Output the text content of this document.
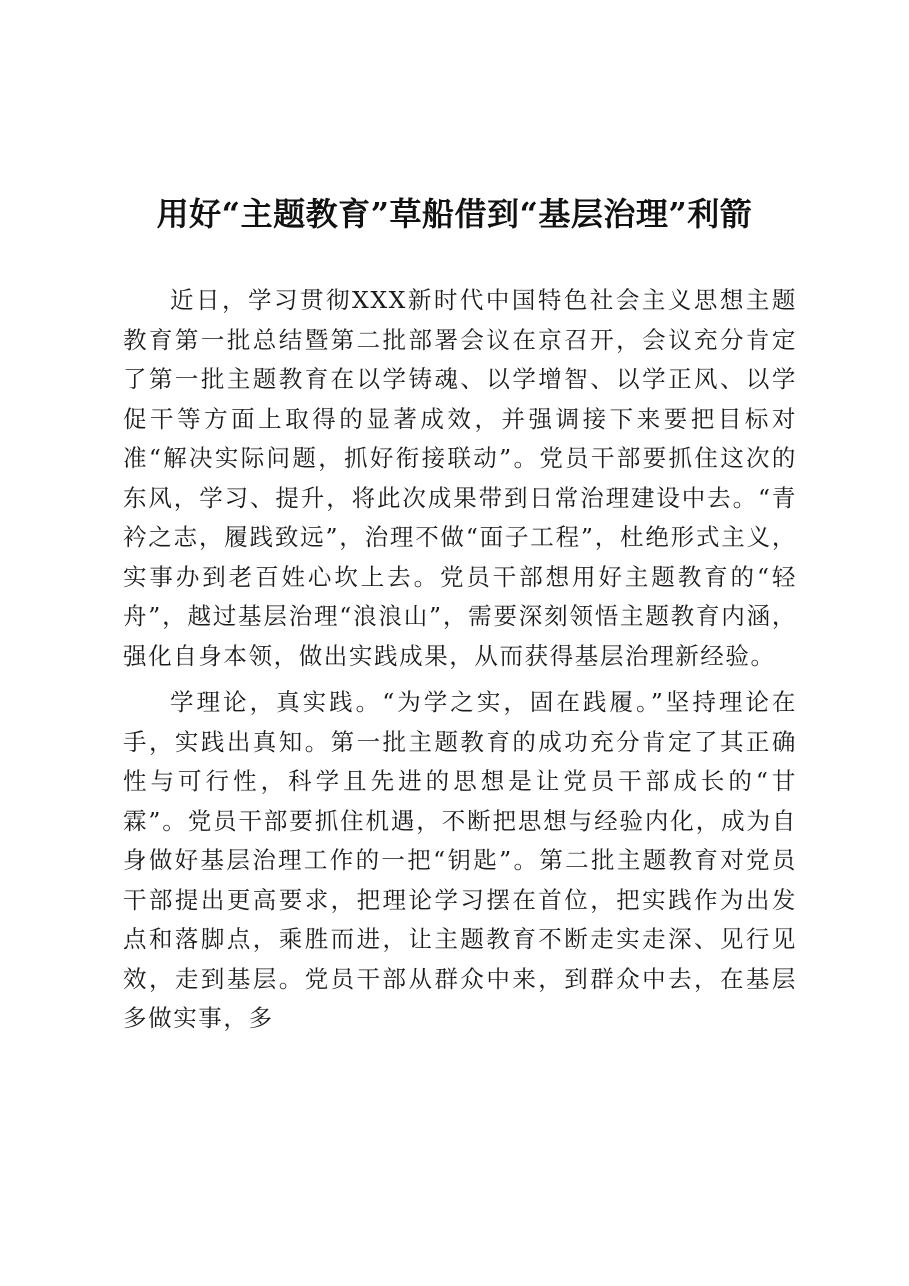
用好“主题教育”草船借到“基层治理”利箭

近日，学习贯彻XXX新时代中国特色社会主义思想主题教育第一批总结暨第二批部署会议在京召开，会议充分肯定了第一批主题教育在以学铸魂、以学增智、以学正风、以学促干等方面上取得的显著成效，并强调接下来要把目标对准“解决实际问题，抓好衔接联动”。党员干部要抓住这次的东风，学习、提升，将此次成果带到日常治理建设中去。“青衿之志，履践致远”，治理不做“面子工程”，杜绝形式主义，实事办到老百姓心坎上去。党员干部想用好主题教育的“轻舟”，越过基层治理“浪浪山”，需要深刻领悟主题教育内涵，强化自身本领，做出实践成果，从而获得基层治理新经验。

学理论，真实践。“为学之实，固在践履。”坚持理论在手，实践出真知。第一批主题教育的成功充分肯定了其正确性与可行性，科学且先进的思想是让党员干部成长的“甘霖”。党员干部要抓住机遇，不断把思想与经验内化，成为自身做好基层治理工作的一把“钥匙”。第二批主题教育对党员干部提出更高要求，把理论学习摆在首位，把实践作为出发点和落脚点，乘胜而进，让主题教育不断走实走深、见行见效，走到基层。党员干部从群众中来，到群众中去，在基层多做实事，多
